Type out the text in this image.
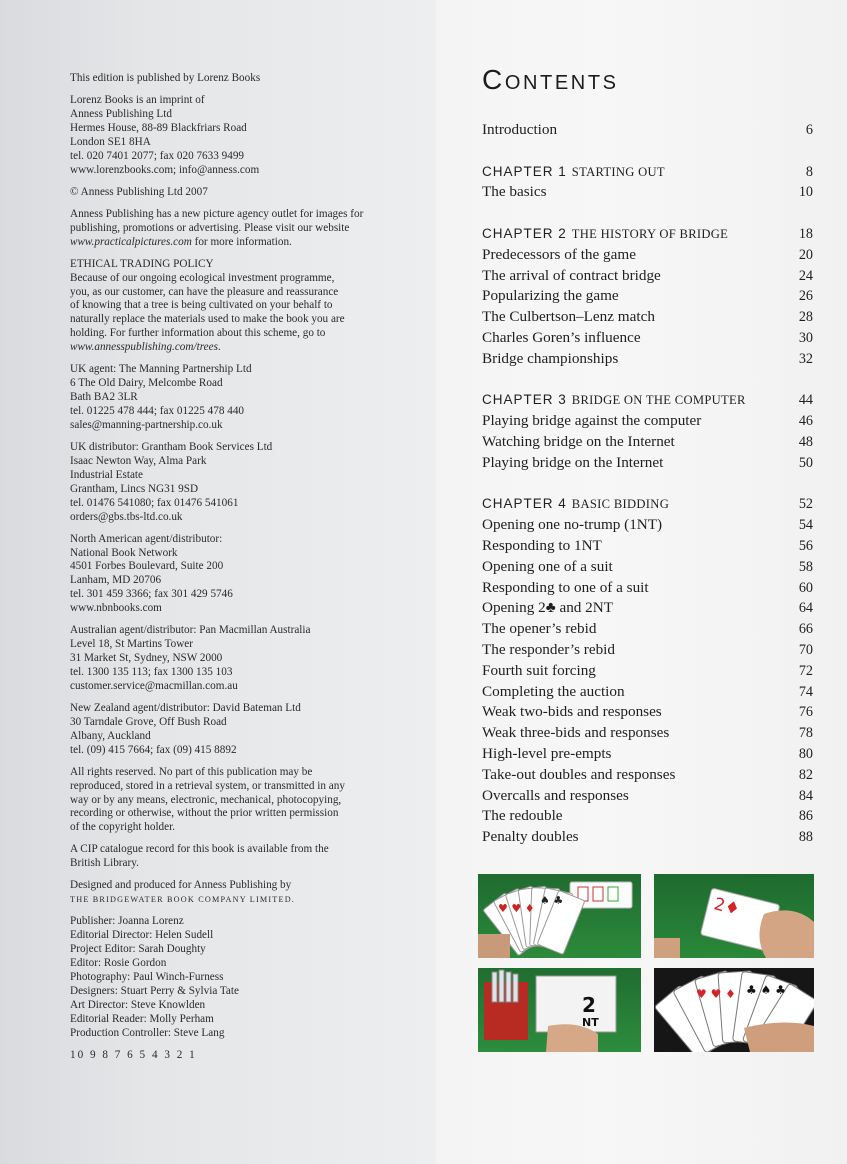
This edition is published by Lorenz Books
Lorenz Books is an imprint of
Anness Publishing Ltd
Hermes House, 88-89 Blackfriars Road
London SE1 8HA
tel. 020 7401 2077; fax 020 7633 9499
www.lorenzbooks.com; info@anness.com
© Anness Publishing Ltd 2007
Anness Publishing has a new picture agency outlet for images for
publishing, promotions or advertising. Please visit our website
www.practicalpictures.com for more information.
ETHICAL TRADING POLICY
Because of our ongoing ecological investment programme,
you, as our customer, can have the pleasure and reassurance
of knowing that a tree is being cultivated on your behalf to
naturally replace the materials used to make the book you are
holding. For further information about this scheme, go to
www.annesspublishing.com/trees.
UK agent: The Manning Partnership Ltd
6 The Old Dairy, Melcombe Road
Bath BA2 3LR
tel. 01225 478 444; fax 01225 478 440
sales@manning-partnership.co.uk
UK distributor: Grantham Book Services Ltd
Isaac Newton Way, Alma Park
Industrial Estate
Grantham, Lincs NG31 9SD
tel. 01476 541080; fax 01476 541061
orders@gbs.tbs-ltd.co.uk
North American agent/distributor:
National Book Network
4501 Forbes Boulevard, Suite 200
Lanham, MD 20706
tel. 301 459 3366; fax 301 429 5746
www.nbnbooks.com
Australian agent/distributor: Pan Macmillan Australia
Level 18, St Martins Tower
31 Market St, Sydney, NSW 2000
tel. 1300 135 113; fax 1300 135 103
customer.service@macmillan.com.au
New Zealand agent/distributor: David Bateman Ltd
30 Tarndale Grove, Off Bush Road
Albany, Auckland
tel. (09) 415 7664; fax (09) 415 8892
All rights reserved. No part of this publication may be
reproduced, stored in a retrieval system, or transmitted in any
way or by any means, electronic, mechanical, photocopying,
recording or otherwise, without the prior written permission
of the copyright holder.
A CIP catalogue record for this book is available from the
British Library.
Designed and produced for Anness Publishing by
THE BRIDGEWATER BOOK COMPANY LIMITED.
Publisher: Joanna Lorenz
Editorial Director: Helen Sudell
Project Editor: Sarah Doughty
Editor: Rosie Gordon
Photography: Paul Winch-Furness
Designers: Stuart Perry & Sylvia Tate
Art Director: Steve Knowlden
Editorial Reader: Molly Perham
Production Controller: Steve Lang
10 9 8 7 6 5 4 3 2 1
Contents
Introduction	6
CHAPTER 1 STARTING OUT	8
The basics	10
CHAPTER 2 THE HISTORY OF BRIDGE	18
Predecessors of the game	20
The arrival of contract bridge	24
Popularizing the game	26
The Culbertson–Lenz match	28
Charles Goren’s influence	30
Bridge championships	32
CHAPTER 3 BRIDGE ON THE COMPUTER	44
Playing bridge against the computer	46
Watching bridge on the Internet	48
Playing bridge on the Internet	50
CHAPTER 4 BASIC BIDDING	52
Opening one no-trump (1NT)	54
Responding to 1NT	56
Opening one of a suit	58
Responding to one of a suit	60
Opening 2♣ and 2NT	64
The opener’s rebid	66
The responder’s rebid	70
Fourth suit forcing	72
Completing the auction	74
Weak two-bids and responses	76
Weak three-bids and responses	78
High-level pre-empts	80
Take-out doubles and responses	82
Overcalls and responses	84
The redouble	86
Penalty doubles	88
♥ ♥ ♦
♠ ♣	2♦
2
NT
♥ ♥ ♦ ♣ ♠ ♣
